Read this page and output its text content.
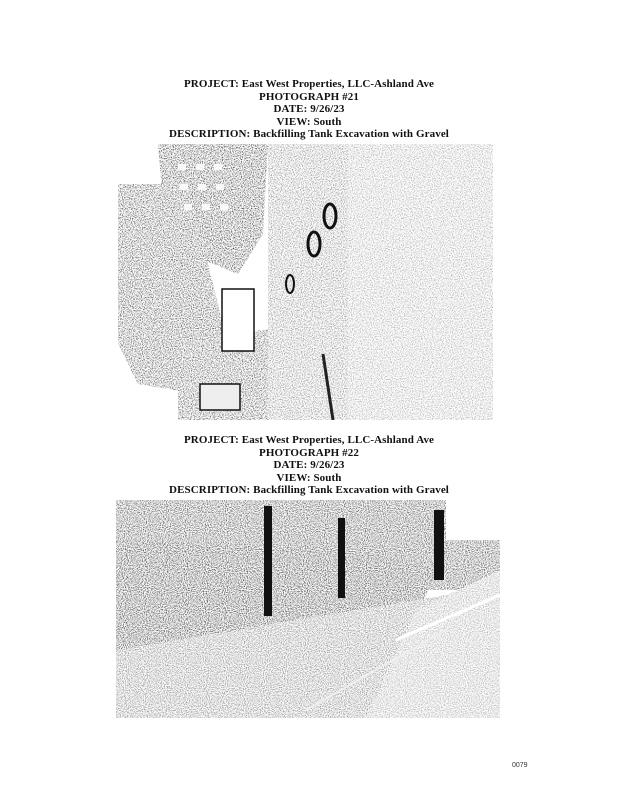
PROJECT: East West Properties, LLC-Ashland Ave
PHOTOGRAPH #21
DATE: 9/26/23
VIEW: South
DESCRIPTION: Backfilling Tank Excavation with Gravel
PROJECT: East West Properties, LLC-Ashland Ave
PHOTOGRAPH #22
DATE: 9/26/23
VIEW: South
DESCRIPTION: Backfilling Tank Excavation with Gravel
0079
